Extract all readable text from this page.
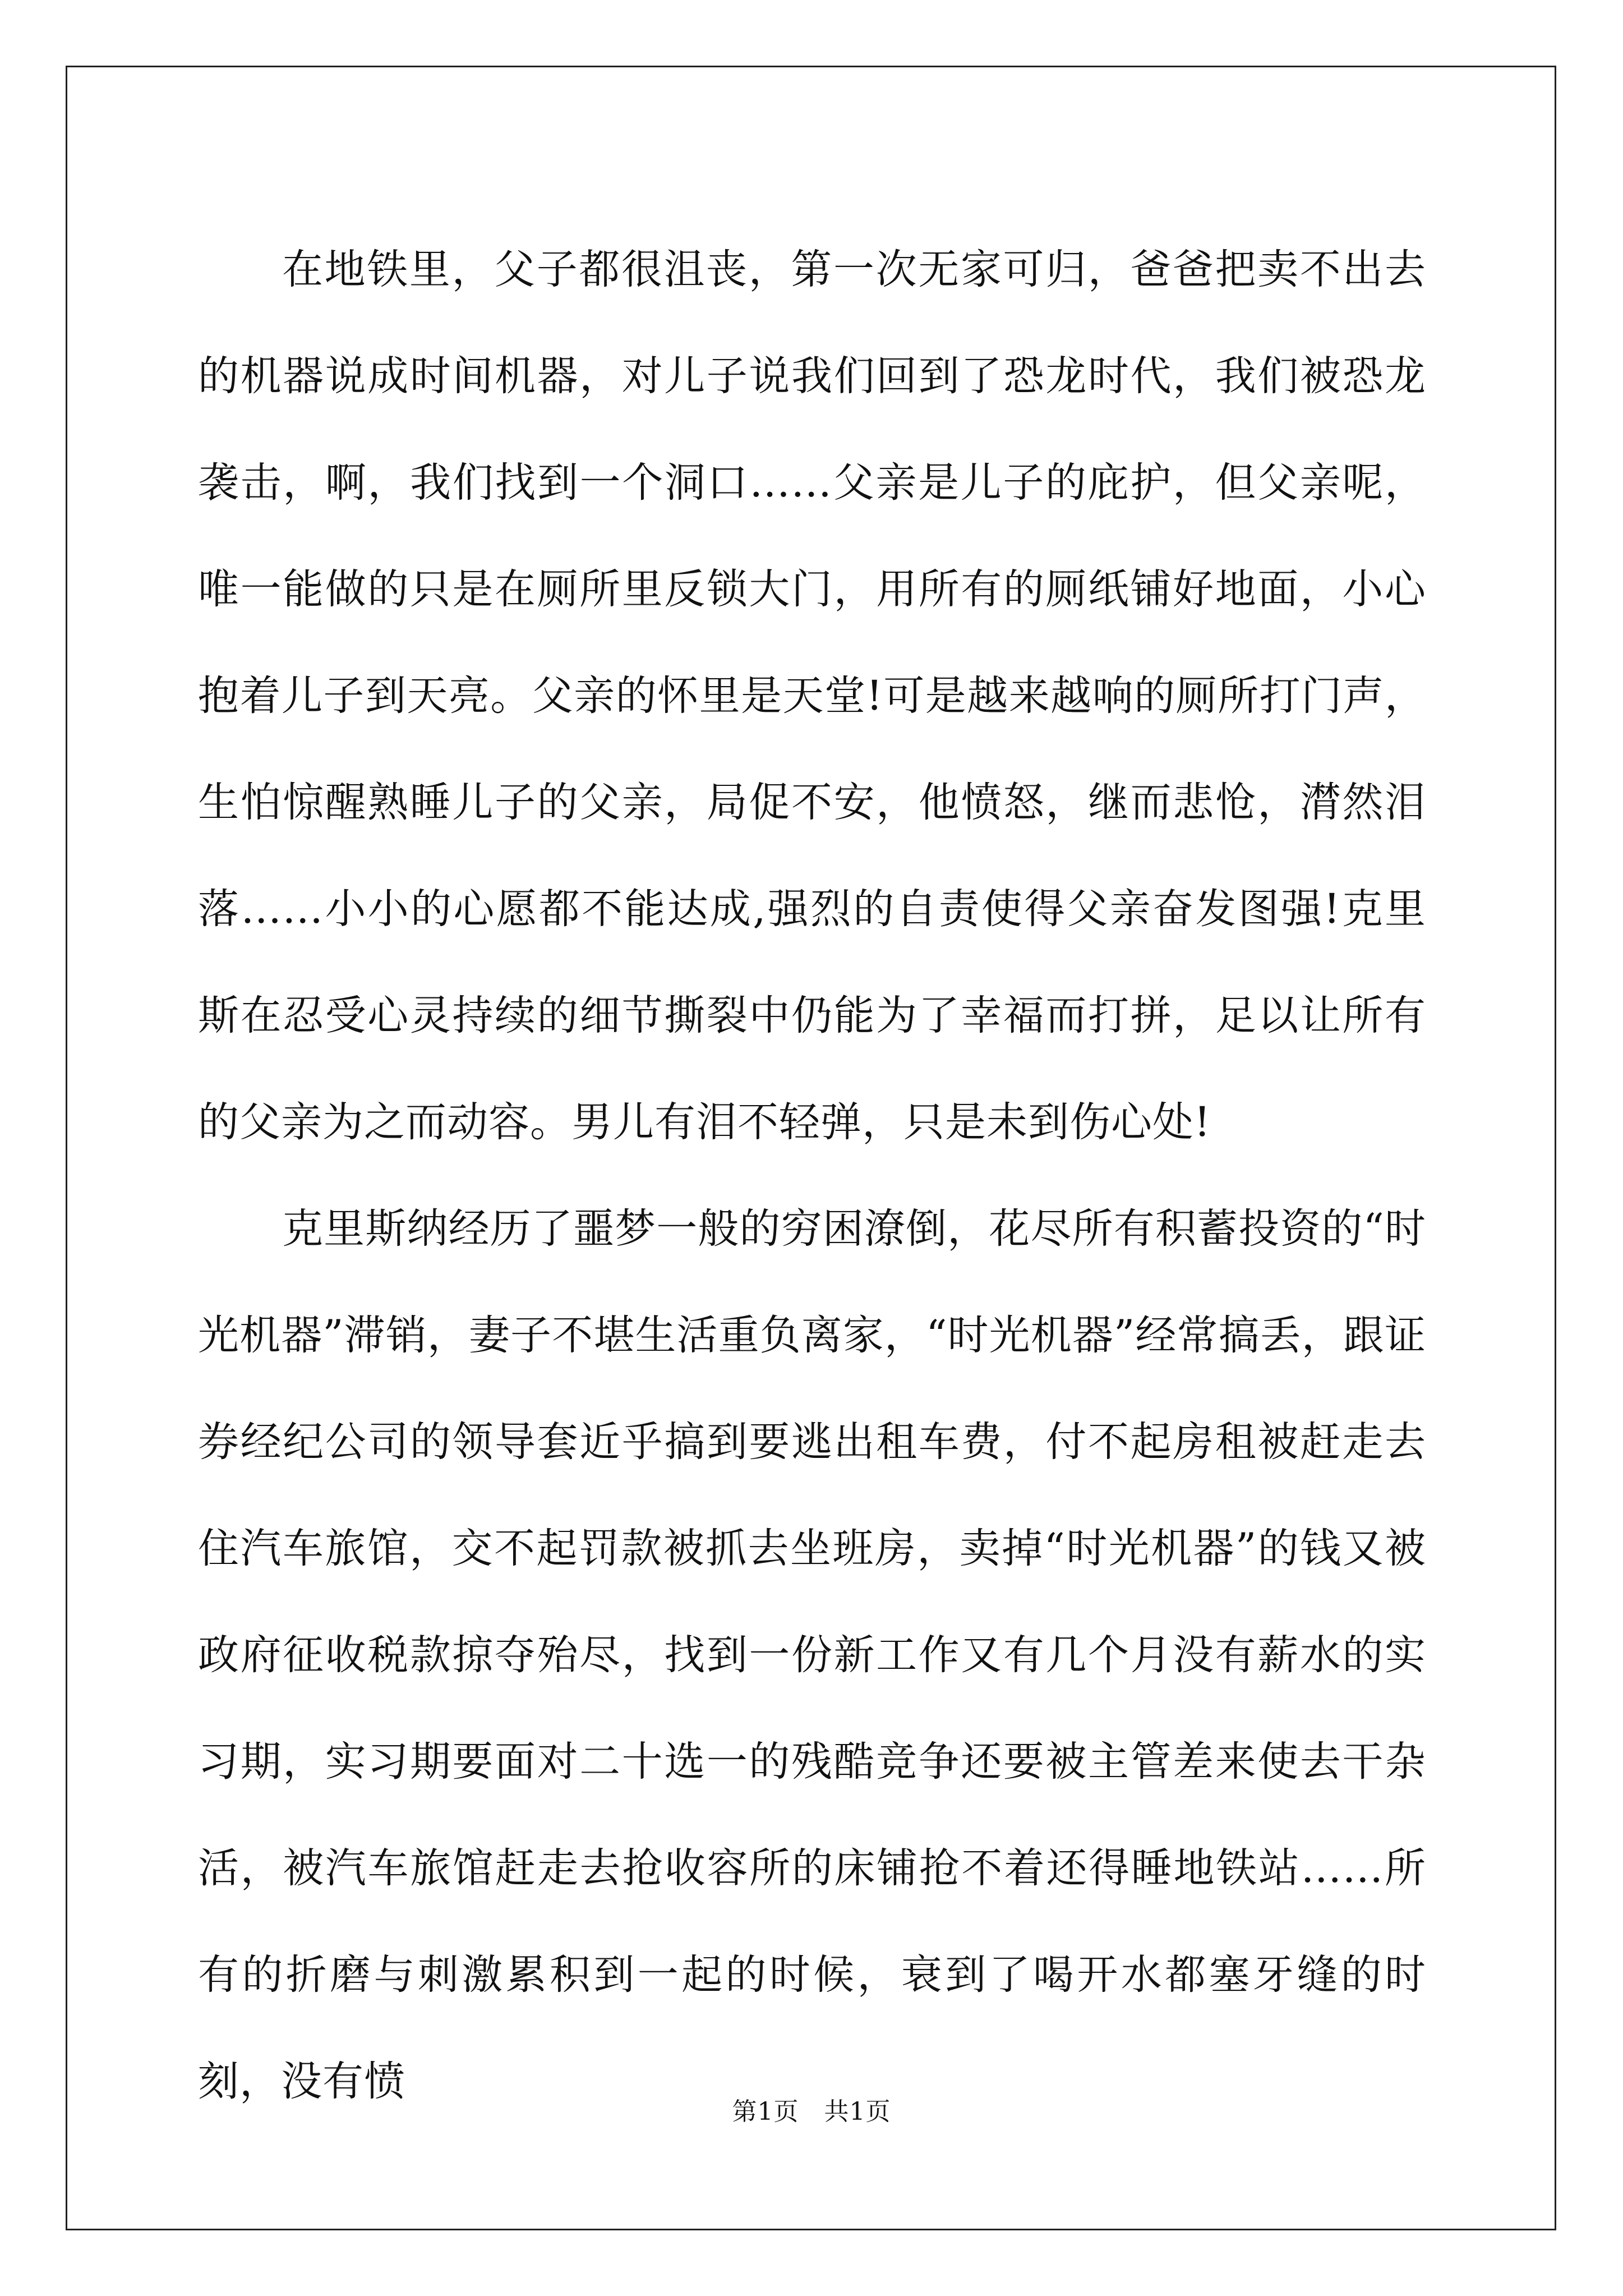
在地铁里，父子都很沮丧，第一次无家可归，爸爸把卖不出去的机器说成时间机器，对儿子说我们回到了恐龙时代，我们被恐龙袭击，啊，我们找到一个洞口……父亲是儿子的庇护，但父亲呢，唯一能做的只是在厕所里反锁大门，用所有的厕纸铺好地面，小心抱着儿子到天亮。父亲的怀里是天堂!可是越来越响的厕所打门声，生怕惊醒熟睡儿子的父亲，局促不安，他愤怒，继而悲怆，潸然泪落……小小的心愿都不能达成,强烈的自责使得父亲奋发图强!克里斯在忍受心灵持续的细节撕裂中仍能为了幸福而打拼，足以让所有的父亲为之而动容。男儿有泪不轻弹，只是未到伤心处!

克里斯纳经历了噩梦一般的穷困潦倒，花尽所有积蓄投资的“时光机器”滞销，妻子不堪生活重负离家，“时光机器”经常搞丢，跟证券经纪公司的领导套近乎搞到要逃出租车费，付不起房租被赶走去住汽车旅馆，交不起罚款被抓去坐班房，卖掉“时光机器”的钱又被政府征收税款掠夺殆尽，找到一份新工作又有几个月没有薪水的实习期，实习期要面对二十选一的残酷竞争还要被主管差来使去干杂活，被汽车旅馆赶走去抢收容所的床铺抢不着还得睡地铁站……所有的折磨与刺激累积到一起的时候，衰到了喝开水都塞牙缝的时刻，没有愤

第1页　共1页
